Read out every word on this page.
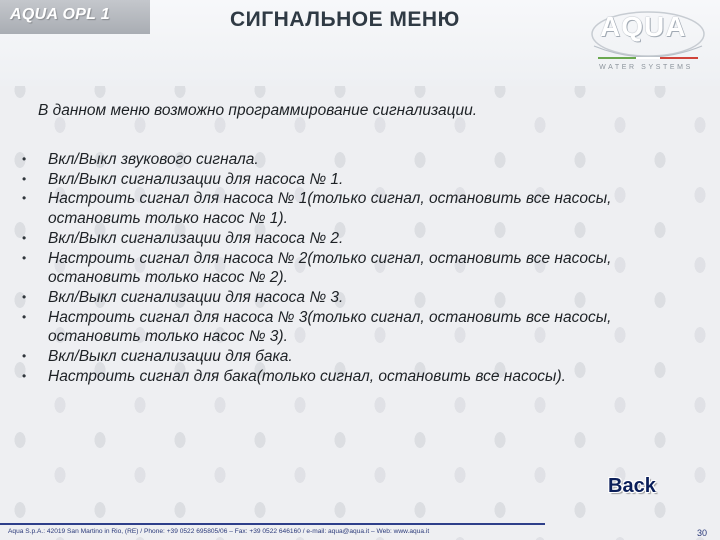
AQUA OPL 1	СИГНАЛЬНОЕ МЕНЮ	AQUA
WATER SYSTEMS
В данном меню возможно программирование сигнализации.
• Вкл/Выкл звукового сигнала.
• Вкл/Выкл сигнализации для насоса № 1.
• Настроить сигнал для насоса № 1(только сигнал, остановить все насосы,
остановить только насос № 1).
• Вкл/Выкл сигнализации для насоса № 2.
• Настроить сигнал для насоса № 2(только сигнал, остановить все насосы,
остановить только насос № 2).
• Вкл/Выкл сигнализации для насоса № 3.
• Настроить сигнал для насоса № 3(только сигнал, остановить все насосы,
остановить только насос № 3).
• Вкл/Выкл сигнализации для бака.
• Настроить сигнал для бака(только сигнал, остановить все насосы).
Back
Aqua S.p.A.: 42019 San Martino in Rio, (RE) / Phone: +39 0522 695805/06 – Fax: +39 0522 646160 / e-mail: aqua@aqua.it – Web: www.aqua.it	30
